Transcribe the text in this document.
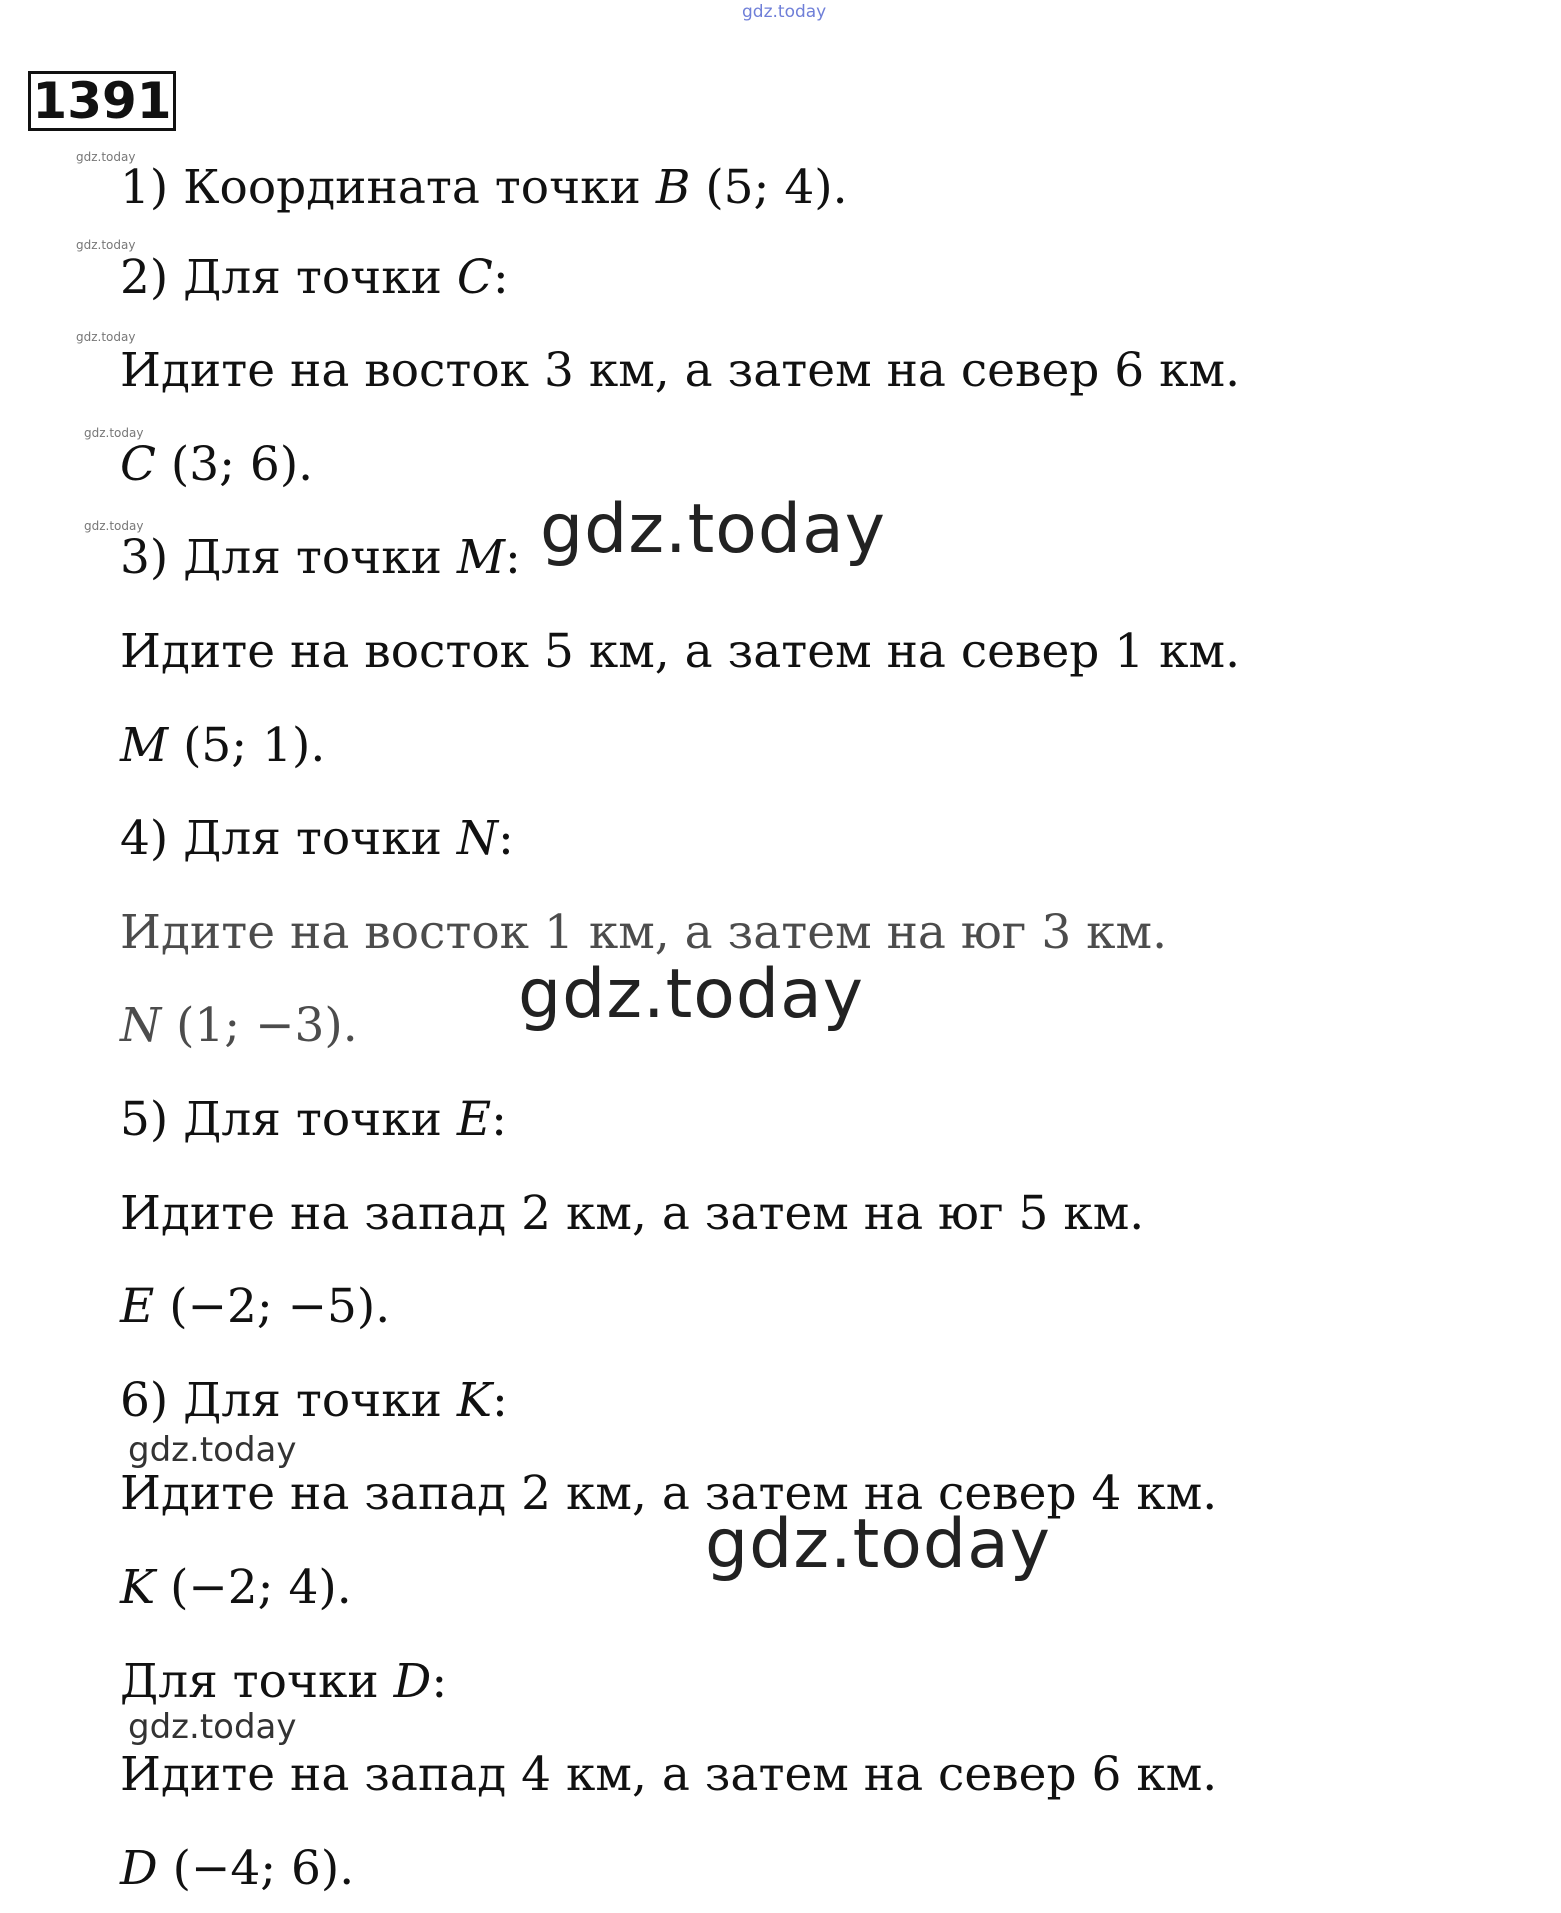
gdz.today
1391
gdz.today
gdz.today
gdz.today
gdz.today
gdz.today
1) Координата точки B (5; 4).
2) Для точки C:
Идите на восток 3 км, а затем на север 6 км.
C (3; 6).
3) Для точки M:
Идите на восток 5 км, а затем на север 1 км.
M (5; 1).
4) Для точки N:
Идите на восток 1 км, а затем на юг 3 км.
N (1; −3).
5) Для точки E:
Идите на запад 2 км, а затем на юг 5 км.
E (−2; −5).
6) Для точки K:
Идите на запад 2 км, а затем на север 4 км.
K (−2; 4).
Для точки D:
Идите на запад 4 км, а затем на север 6 км.
D (−4; 6).
gdz.today
gdz.today
gdz.today
gdz.today
gdz.today
